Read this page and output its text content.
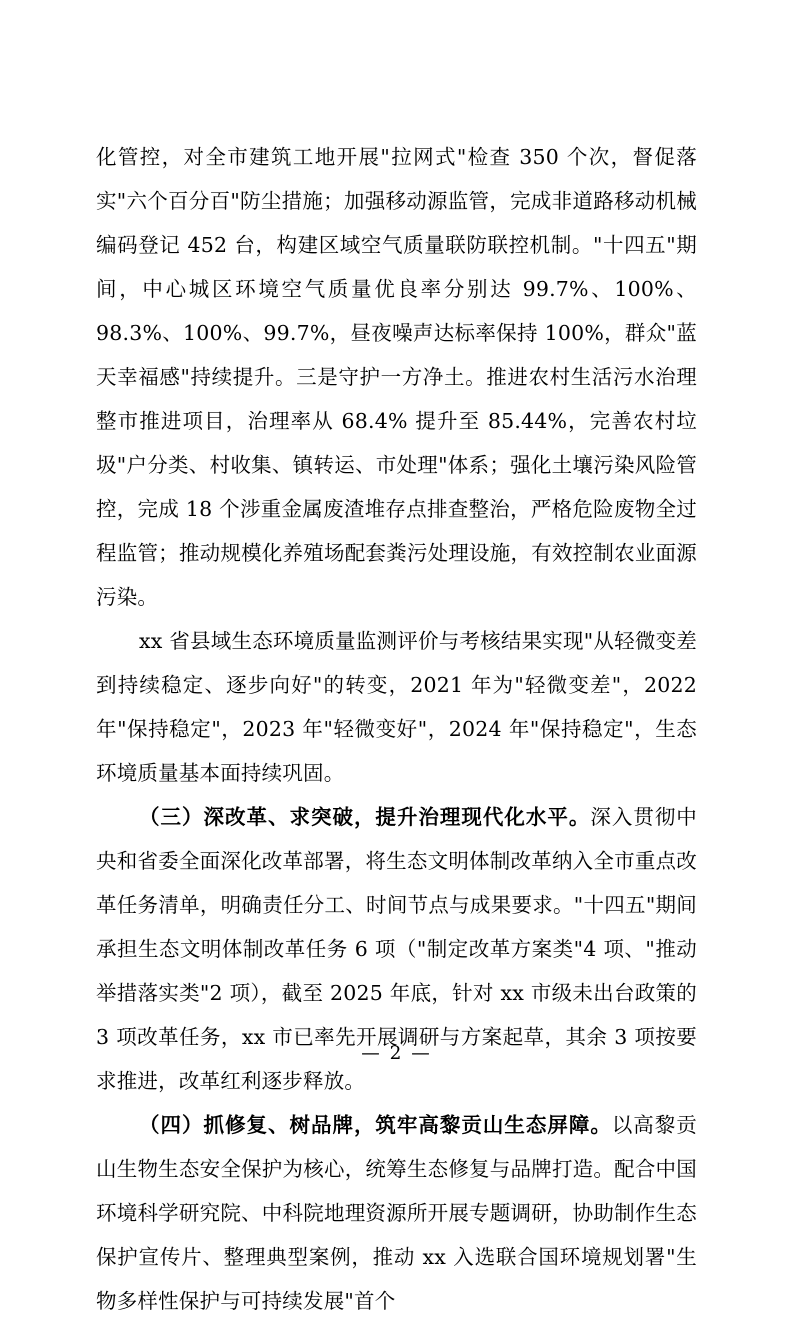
化管控，对全市建筑工地开展"拉网式"检查 350 个次，督促落实"六个百分百"防尘措施；加强移动源监管，完成非道路移动机械编码登记 452 台，构建区域空气质量联防联控机制。"十四五"期间，中心城区环境空气质量优良率分别达 99.7%、100%、98.3%、100%、99.7%，昼夜噪声达标率保持 100%，群众"蓝天幸福感"持续提升。三是守护一方净土。推进农村生活污水治理整市推进项目，治理率从 68.4% 提升至 85.44%，完善农村垃圾"户分类、村收集、镇转运、市处理"体系；强化土壤污染风险管控，完成 18 个涉重金属废渣堆存点排查整治，严格危险废物全过程监管；推动规模化养殖场配套粪污处理设施，有效控制农业面源污染。

xx 省县域生态环境质量监测评价与考核结果实现"从轻微变差到持续稳定、逐步向好"的转变，2021 年为"轻微变差"，2022 年"保持稳定"，2023 年"轻微变好"，2024 年"保持稳定"，生态环境质量基本面持续巩固。

（三）深改革、求突破，提升治理现代化水平。深入贯彻中央和省委全面深化改革部署，将生态文明体制改革纳入全市重点改革任务清单，明确责任分工、时间节点与成果要求。"十四五"期间承担生态文明体制改革任务 6 项（"制定改革方案类"4 项、"推动举措落实类"2 项），截至 2025 年底，针对 xx 市级未出台政策的 3 项改革任务，xx 市已率先开展调研与方案起草，其余 3 项按要求推进，改革红利逐步释放。

（四）抓修复、树品牌，筑牢高黎贡山生态屏障。以高黎贡山生物生态安全保护为核心，统筹生态修复与品牌打造。配合中国环境科学研究院、中科院地理资源所开展专题调研，协助制作生态保护宣传片、整理典型案例，推动 xx 入选联合国环境规划署"生物多样性保护与可持续发展"首个

— 2 —
